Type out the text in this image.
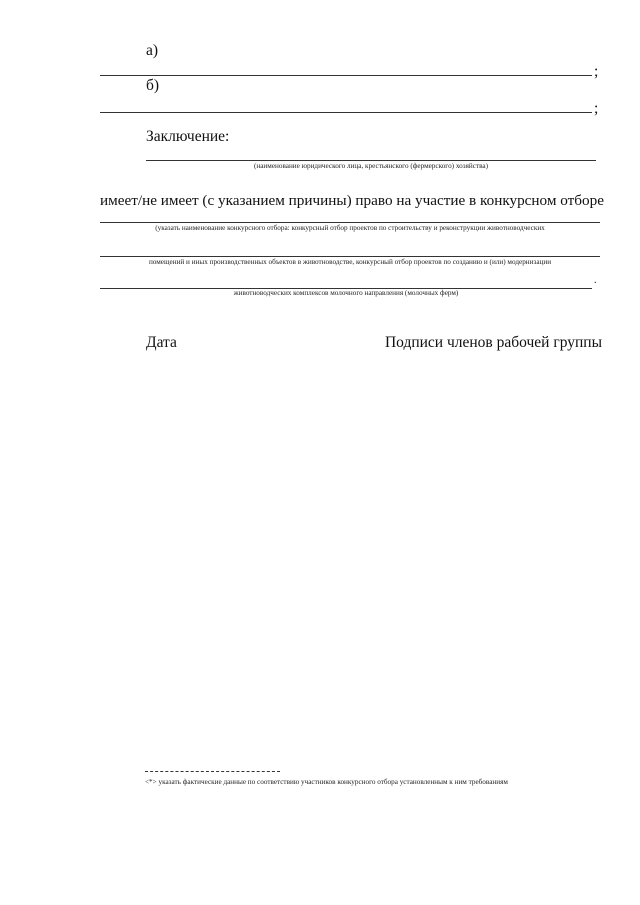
а)
;
б)
;
Заключение:
(наименование юридического лица, крестьянского (фермерского) хозяйства)
имеет/не имеет (с указанием причины) право на участие в конкурсном отборе
(указать наименование конкурсного отбора: конкурсный отбор проектов по строительству и реконструкции животноводческих
помещений и иных производственных объектов в животноводстве, конкурсный отбор проектов по созданию и (или) модернизации
.
животноводческих комплексов молочного направления (молочных ферм)
Дата	Подписи членов рабочей группы
<*> указать фактические данные по соответствию участников конкурсного отбора установленным к ним требованиям
